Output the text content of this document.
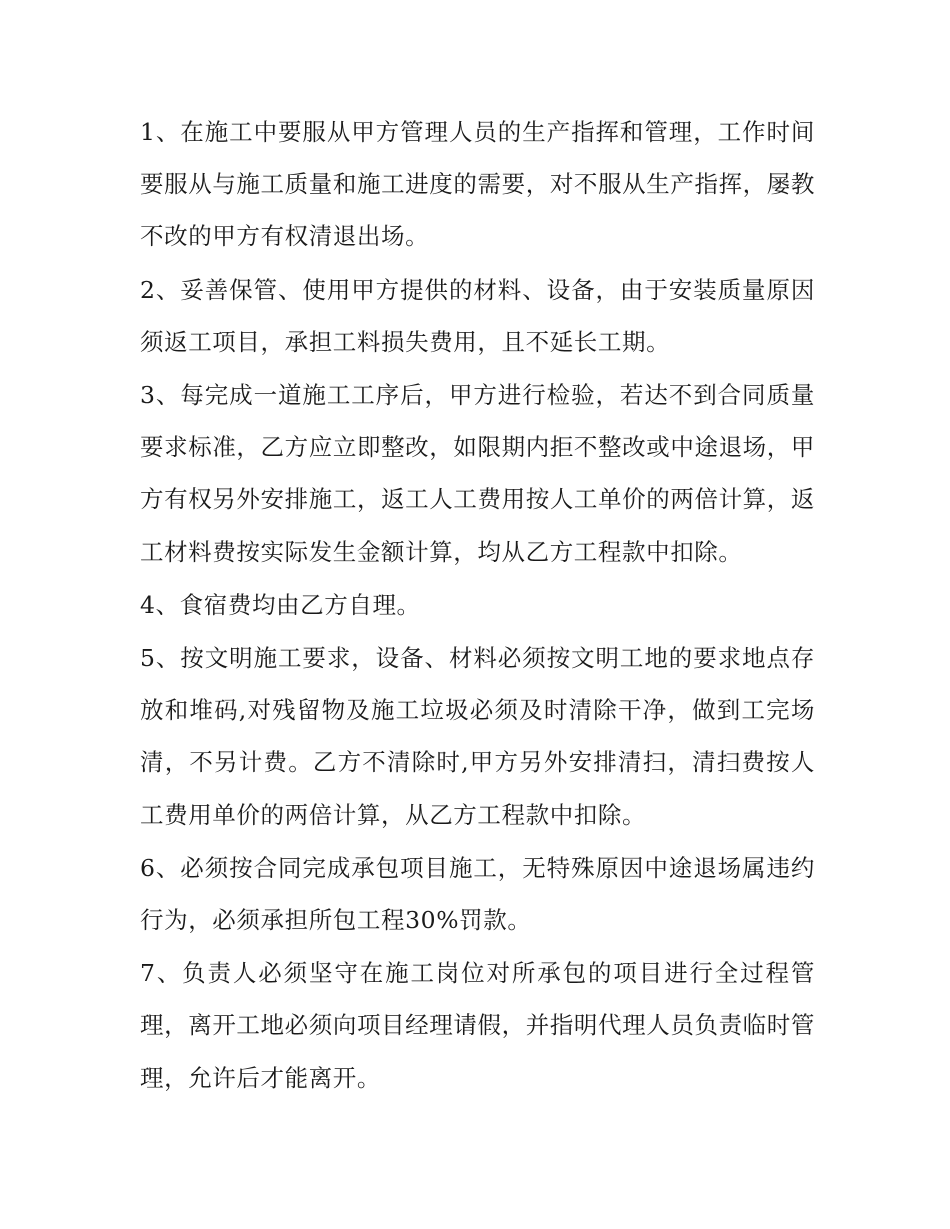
1、在施工中要服从甲方管理人员的生产指挥和管理，工作时间要服从与施工质量和施工进度的需要，对不服从生产指挥，屡教不改的甲方有权清退出场。

2、妥善保管、使用甲方提供的材料、设备，由于安装质量原因须返工项目，承担工料损失费用，且不延长工期。

3、每完成一道施工工序后，甲方进行检验，若达不到合同质量要求标准，乙方应立即整改，如限期内拒不整改或中途退场，甲方有权另外安排施工，返工人工费用按人工单价的两倍计算，返工材料费按实际发生金额计算，均从乙方工程款中扣除。

4、食宿费均由乙方自理。

5、按文明施工要求，设备、材料必须按文明工地的要求地点存放和堆码,对残留物及施工垃圾必须及时清除干净，做到工完场清，不另计费。乙方不清除时,甲方另外安排清扫，清扫费按人工费用单价的两倍计算，从乙方工程款中扣除。

6、必须按合同完成承包项目施工，无特殊原因中途退场属违约行为，必须承担所包工程30%罚款。

7、负责人必须坚守在施工岗位对所承包的项目进行全过程管理，离开工地必须向项目经理请假，并指明代理人员负责临时管理，允许后才能离开。
